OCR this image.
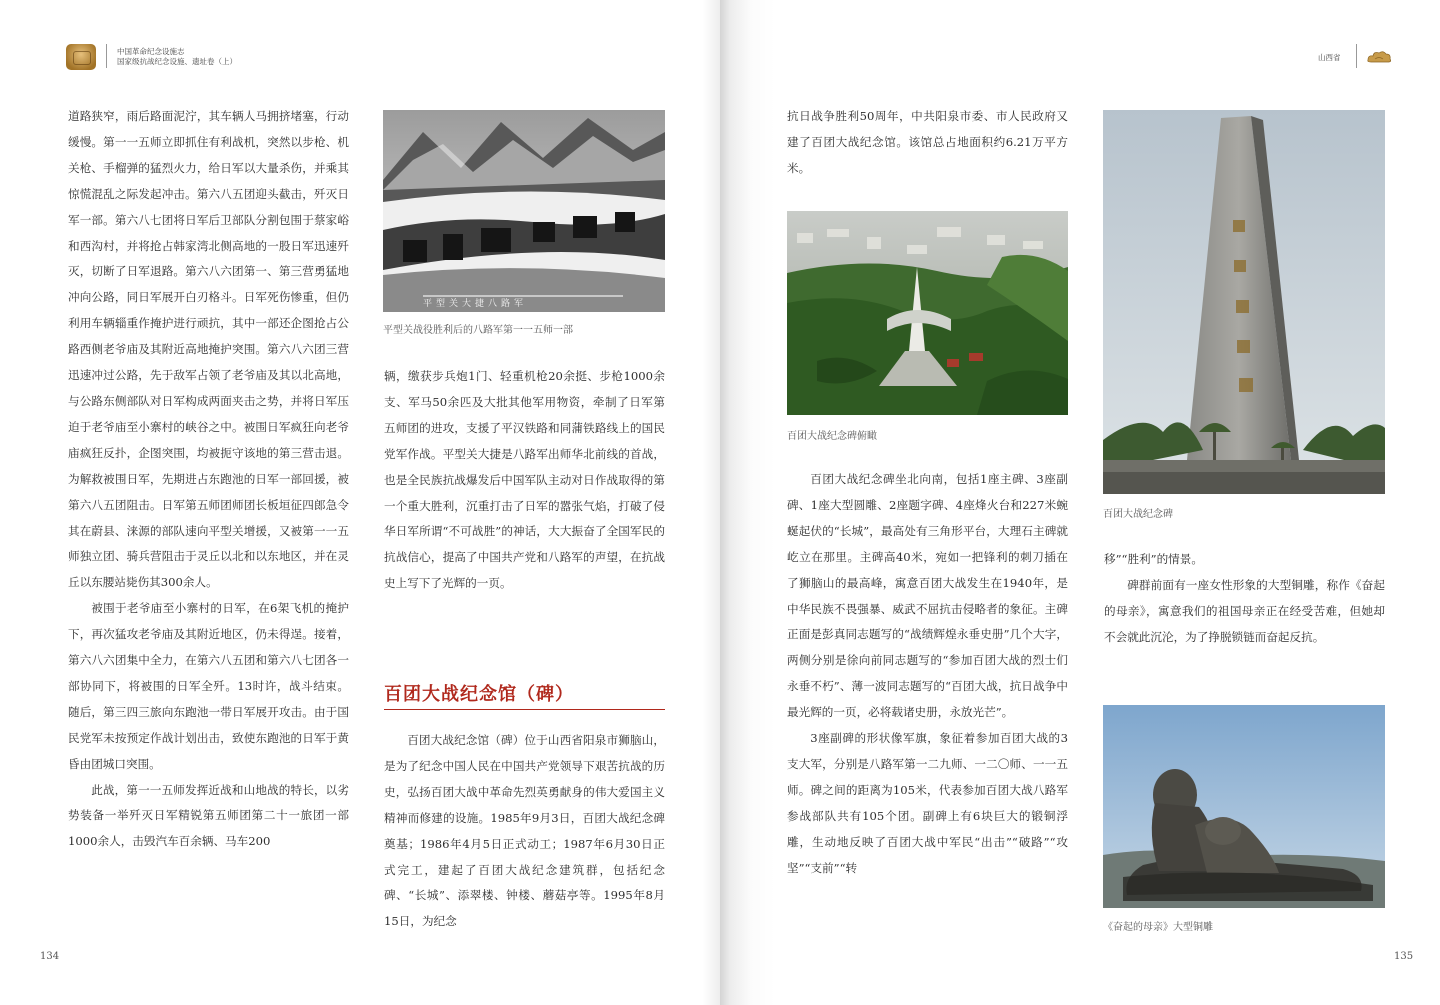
中国革命纪念设施志
国家级抗战纪念设施、遗址卷（上）

道路狭窄，雨后路面泥泞，其车辆人马拥挤堵塞，行动缓慢。第一一五师立即抓住有利战机，突然以步枪、机关枪、手榴弹的猛烈火力，给日军以大量杀伤，并乘其惊慌混乱之际发起冲击。第六八五团迎头截击，歼灭日军一部。第六八七团将日军后卫部队分割包围于蔡家峪和西沟村，并将抢占韩家湾北侧高地的一股日军迅速歼灭，切断了日军退路。第六八六团第一、第三营勇猛地冲向公路，同日军展开白刃格斗。日军死伤惨重，但仍利用车辆辎重作掩护进行顽抗，其中一部还企图抢占公路西侧老爷庙及其附近高地掩护突围。第六八六团三营迅速冲过公路，先于敌军占领了老爷庙及其以北高地，与公路东侧部队对日军构成两面夹击之势，并将日军压迫于老爷庙至小寨村的峡谷之中。被围日军疯狂向老爷庙疯狂反扑，企图突围，均被扼守该地的第三营击退。为解救被围日军，先期进占东跑池的日军一部回援，被第六八五团阻击。日军第五师团师团长板垣征四郎急令其在蔚县、涞源的部队速向平型关增援，又被第一一五师独立团、骑兵营阻击于灵丘以北和以东地区，并在灵丘以东腰站毙伤其300余人。

被围于老爷庙至小寨村的日军，在6架飞机的掩护下，再次猛攻老爷庙及其附近地区，仍未得逞。接着，第六八六团集中全力，在第六八五团和第六八七团各一部协同下，将被围的日军全歼。13时许，战斗结束。随后，第三四三旅向东跑池一带日军展开攻击。由于国民党军未按预定作战计划出击，致使东跑池的日军于黄昏由团城口突围。

此战，第一一五师发挥近战和山地战的特长，以劣势装备一举歼灭日军精锐第五师团第二十一旅团一部1000余人，击毁汽车百余辆、马车200

平型关大捷八路军
平型关战役胜利后的八路军第一一五师一部

辆，缴获步兵炮1门、轻重机枪20余挺、步枪1000余支、军马50余匹及大批其他军用物资，牵制了日军第五师团的进攻，支援了平汉铁路和同蒲铁路线上的国民党军作战。平型关大捷是八路军出师华北前线的首战，也是全民族抗战爆发后中国军队主动对日作战取得的第一个重大胜利，沉重打击了日军的嚣张气焰，打破了侵华日军所谓“不可战胜”的神话，大大振奋了全国军民的抗战信心，提高了中国共产党和八路军的声望，在抗战史上写下了光辉的一页。

百团大战纪念馆（碑）

百团大战纪念馆（碑）位于山西省阳泉市狮脑山，是为了纪念中国人民在中国共产党领导下艰苦抗战的历史，弘扬百团大战中革命先烈英勇献身的伟大爱国主义精神而修建的设施。1985年9月3日，百团大战纪念碑奠基；1986年4月5日正式动工；1987年6月30日正式完工，建起了百团大战纪念建筑群，包括纪念碑、“长城”、添翠楼、钟楼、蘑菇亭等。1995年8月15日，为纪念

134
山西省

抗日战争胜利50周年，中共阳泉市委、市人民政府又建了百团大战纪念馆。该馆总占地面积约6.21万平方米。

百团大战纪念碑俯瞰

百团大战纪念碑坐北向南，包括1座主碑、3座副碑、1座大型圆雕、2座题字碑、4座烽火台和227米蜿蜒起伏的“长城”，最高处有三角形平台，大理石主碑就屹立在那里。主碑高40米，宛如一把锋利的刺刀插在了狮脑山的最高峰，寓意百团大战发生在1940年，是中华民族不畏强暴、威武不屈抗击侵略者的象征。主碑正面是彭真同志题写的“战绩辉煌永垂史册”几个大字，两侧分别是徐向前同志题写的“参加百团大战的烈士们永垂不朽”、薄一波同志题写的“百团大战，抗日战争中最光辉的一页，必将载诸史册，永放光芒”。

3座副碑的形状像军旗，象征着参加百团大战的3支大军，分别是八路军第一二九师、一二〇师、一一五师。碑之间的距离为105米，代表参加百团大战八路军参战部队共有105个团。副碑上有6块巨大的锻铜浮雕，生动地反映了百团大战中军民“出击”“破路”“攻坚”“支前”“转

百团大战纪念碑

移”“胜利”的情景。

碑群前面有一座女性形象的大型铜雕，称作《奋起的母亲》，寓意我们的祖国母亲正在经受苦难，但她却不会就此沉沦，为了挣脱锁链而奋起反抗。

《奋起的母亲》大型铜雕
135
